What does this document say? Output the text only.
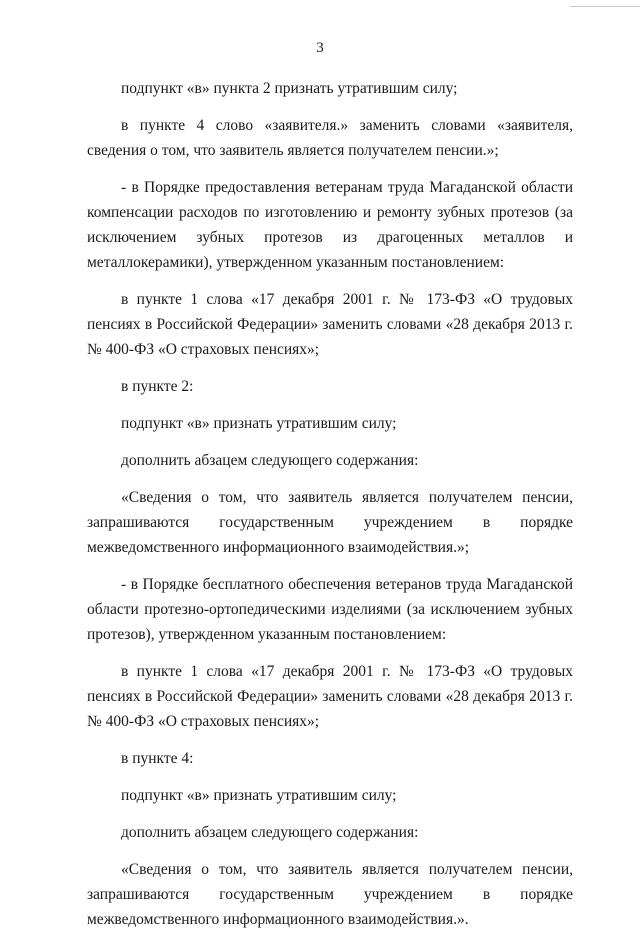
3

подпункт «в» пункта 2 признать утратившим силу;

в пункте 4 слово «заявителя.» заменить словами «заявителя, сведения о том, что заявитель является получателем пенсии.»;

- в Порядке предоставления ветеранам труда Магаданской области компенсации расходов по изготовлению и ремонту зубных протезов (за исключением зубных протезов из драгоценных металлов и металлокерамики), утвержденном указанным постановлением:

в пункте 1 слова «17 декабря 2001 г. № 173-ФЗ «О трудовых пенсиях в Российской Федерации» заменить словами «28 декабря 2013 г. № 400-ФЗ «О страховых пенсиях»;

в пункте 2:

подпункт «в» признать утратившим силу;

дополнить абзацем следующего содержания:

«Сведения о том, что заявитель является получателем пенсии, запрашиваются государственным учреждением в порядке межведомственного информационного взаимодействия.»;

- в Порядке бесплатного обеспечения ветеранов труда Магаданской области протезно-ортопедическими изделиями (за исключением зубных протезов), утвержденном указанным постановлением:

в пункте 1 слова «17 декабря 2001 г. № 173-ФЗ «О трудовых пенсиях в Российской Федерации» заменить словами «28 декабря 2013 г. № 400-ФЗ «О страховых пенсиях»;

в пункте 4:

подпункт «в» признать утратившим силу;

дополнить абзацем следующего содержания:

«Сведения о том, что заявитель является получателем пенсии, запрашиваются государственным учреждением в порядке межведомственного информационного взаимодействия.».
